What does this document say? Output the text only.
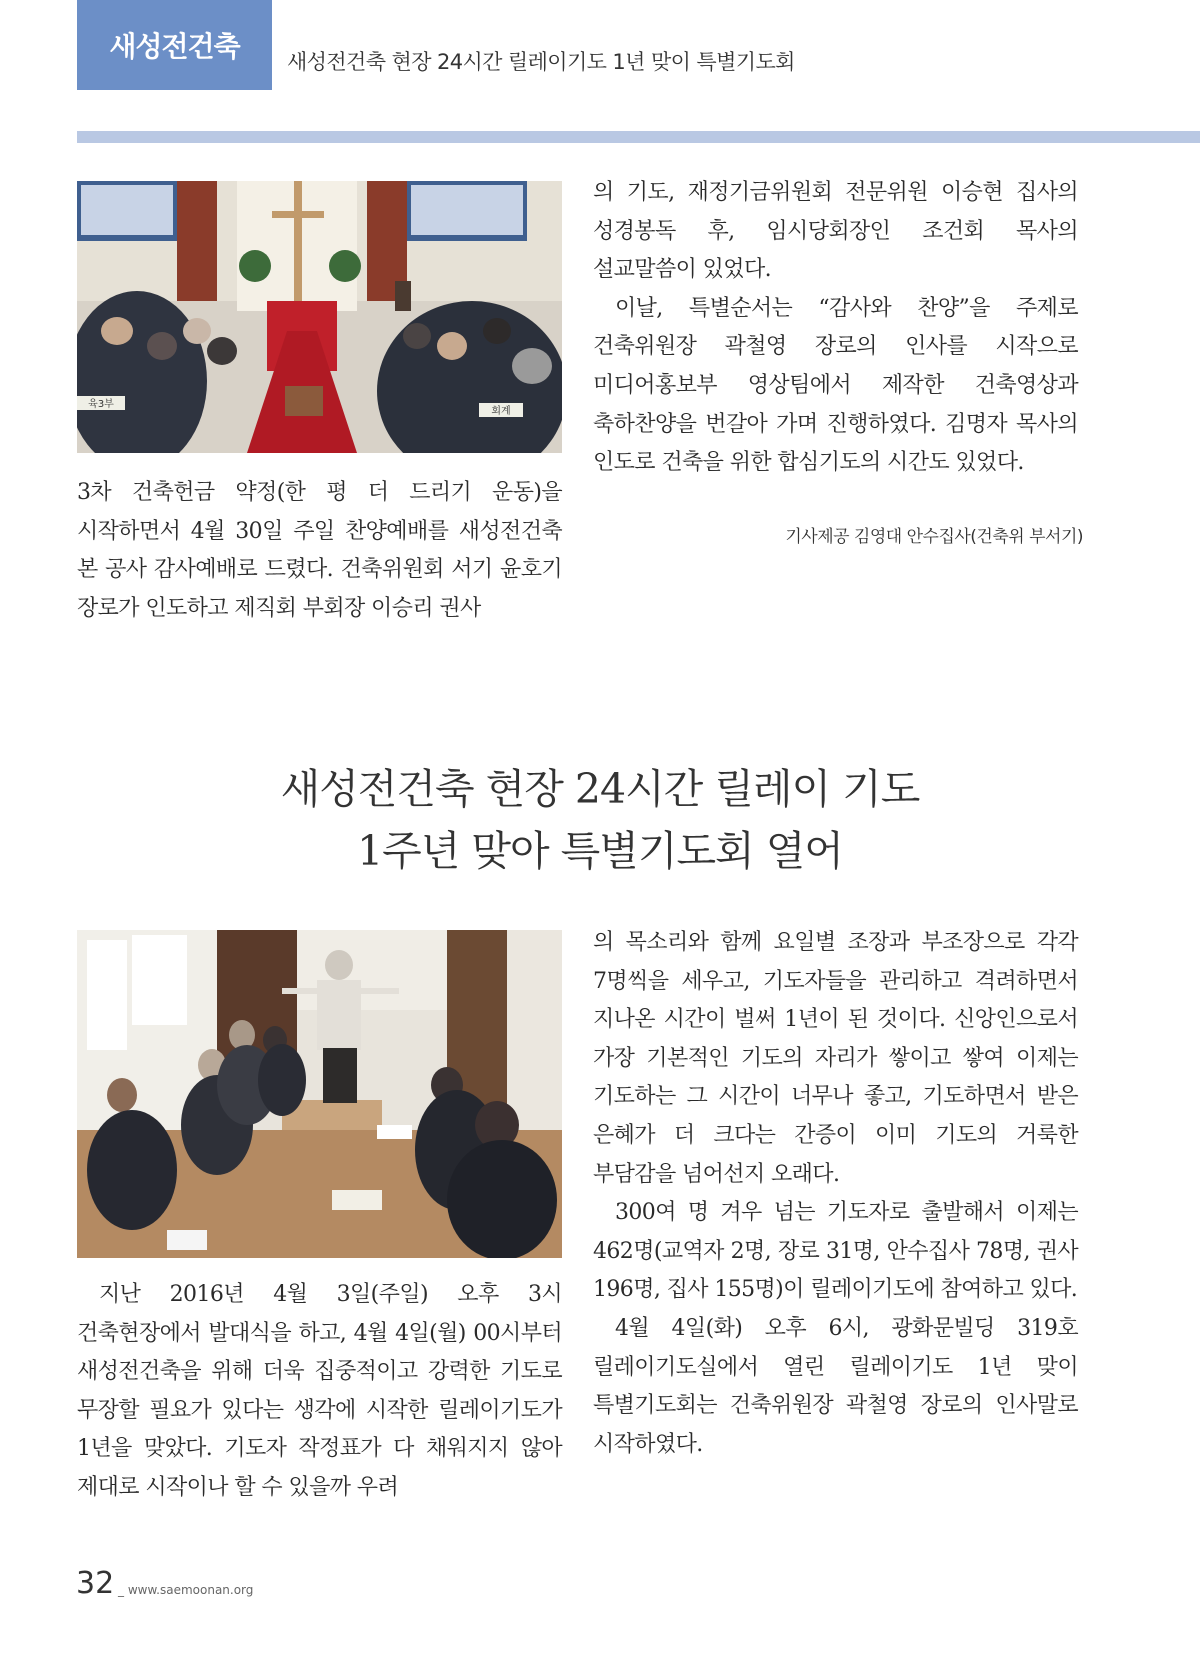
새성전건축	새성전건축 현장 24시간 릴레이기도 1년 맞이 특별기도회
육3부
회계

3차 건축헌금 약정(한 평 더 드리기 운동)을 시작하면서 4월 30일 주일 찬양예배를 새성전건축 본 공사 감사예배로 드렸다. 건축위원회 서기 윤호기 장로가 인도하고 제직회 부회장 이승리 권사

의 기도, 재정기금위원회 전문위원 이승현 집사의 성경봉독 후, 임시당회장인 조건회 목사의 설교말씀이 있었다.

이날, 특별순서는 “감사와 찬양”을 주제로 건축위원장 곽철영 장로의 인사를 시작으로 미디어홍보부 영상팀에서 제작한 건축영상과 축하찬양을 번갈아 가며 진행하였다. 김명자 목사의 인도로 건축을 위한 합심기도의 시간도 있었다.

기사제공 김영대 안수집사(건축위 부서기)
새성전건축 현장 24시간 릴레이 기도
1주년 맞아 특별기도회 열어

지난 2016년 4월 3일(주일) 오후 3시 건축현장에서 발대식을 하고, 4월 4일(월) 00시부터 새성전건축을 위해 더욱 집중적이고 강력한 기도로 무장할 필요가 있다는 생각에 시작한 릴레이기도가 1년을 맞았다. 기도자 작정표가 다 채워지지 않아 제대로 시작이나 할 수 있을까 우려

의 목소리와 함께 요일별 조장과 부조장으로 각각 7명씩을 세우고, 기도자들을 관리하고 격려하면서 지나온 시간이 벌써 1년이 된 것이다. 신앙인으로서 가장 기본적인 기도의 자리가 쌓이고 쌓여 이제는 기도하는 그 시간이 너무나 좋고, 기도하면서 받은 은혜가 더 크다는 간증이 이미 기도의 거룩한 부담감을 넘어선지 오래다.

300여 명 겨우 넘는 기도자로 출발해서 이제는 462명(교역자 2명, 장로 31명, 안수집사 78명, 권사 196명, 집사 155명)이 릴레이기도에 참여하고 있다.

4월 4일(화) 오후 6시, 광화문빌딩 319호 릴레이기도실에서 열린 릴레이기도 1년 맞이 특별기도회는 건축위원장 곽철영 장로의 인사말로 시작하였다.

32 _ www.saemoonan.org
